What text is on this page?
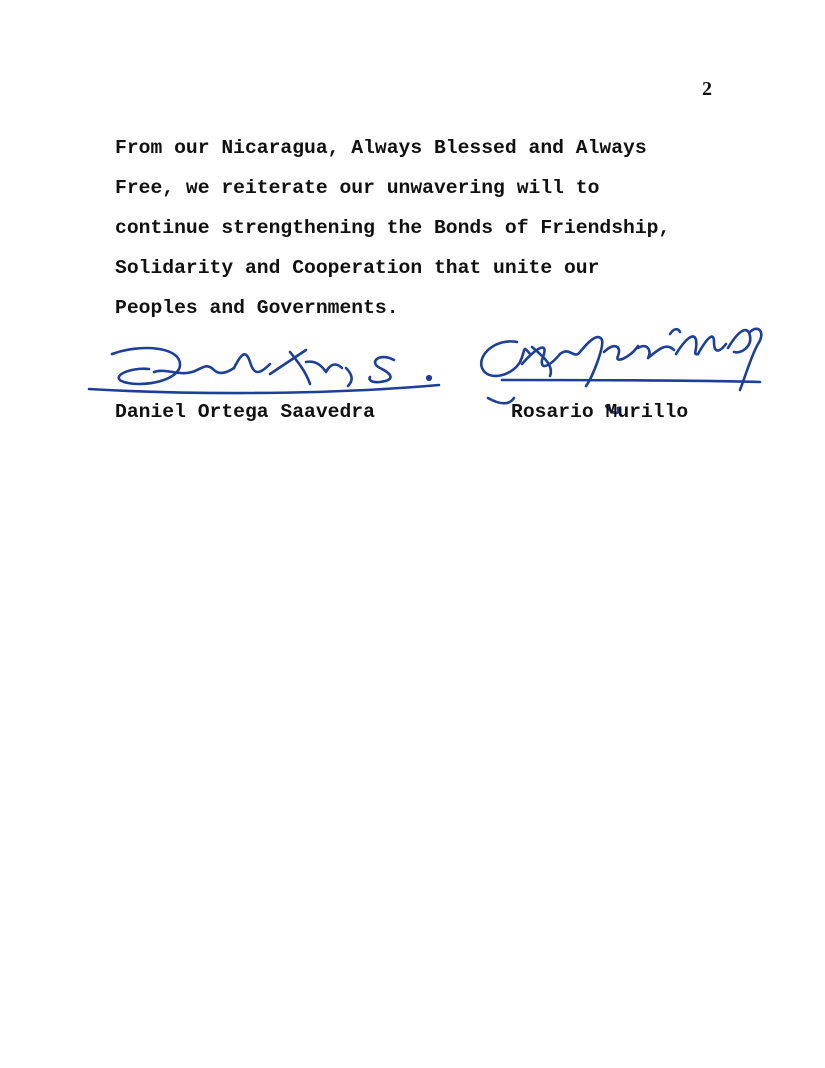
2
From our Nicaragua, Always Blessed and Always
Free, we reiterate our unwavering will to
continue strengthening the Bonds of Friendship,
Solidarity and Cooperation that unite our
Peoples and Governments.
Daniel Ortega Saavedra	Rosario Murillo
